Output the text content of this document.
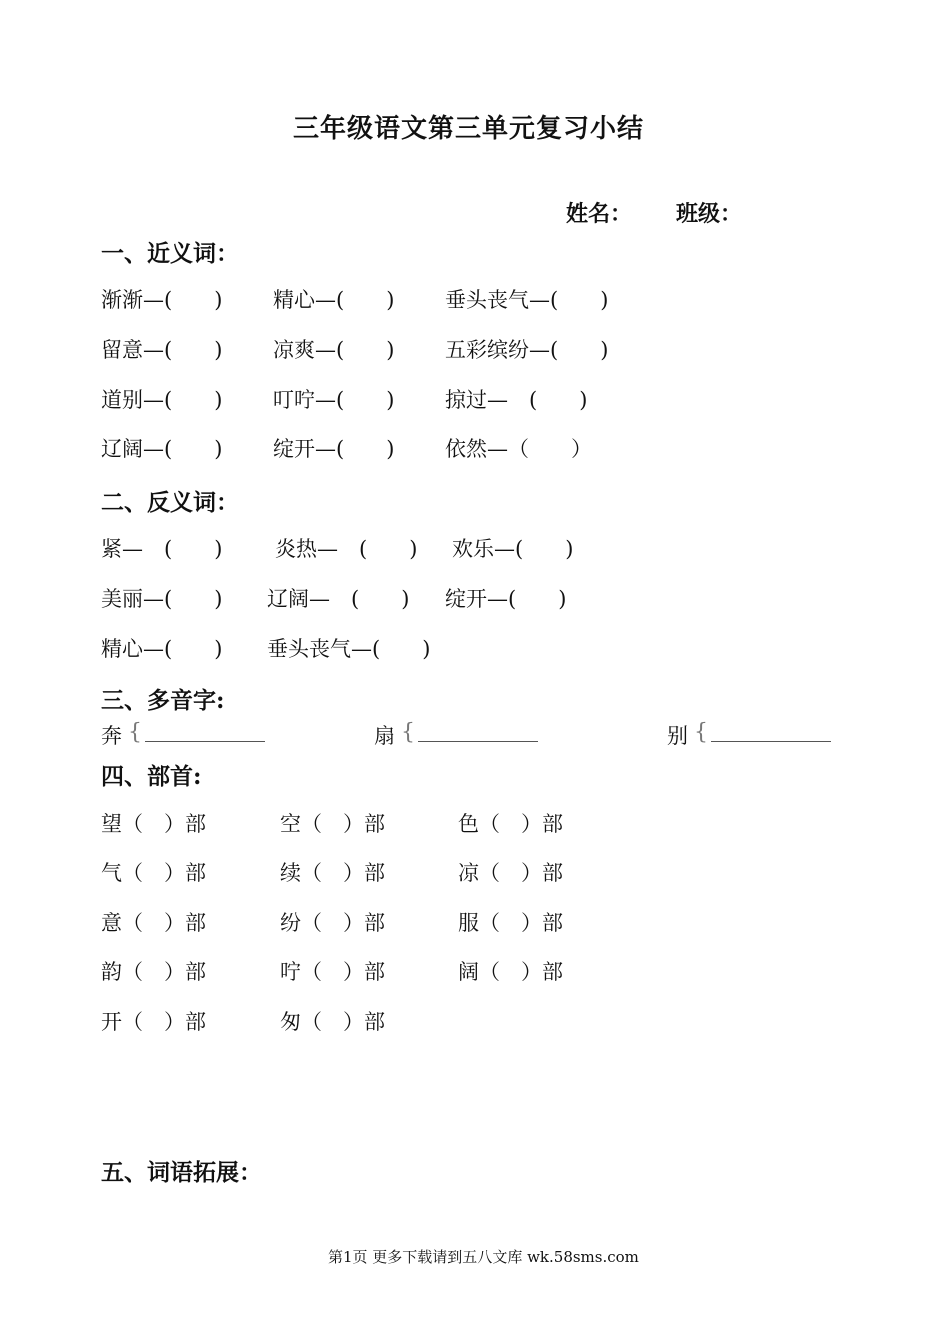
三年级语文第三单元复习小结
姓名： 班级：
一、近义词：
渐渐—(　　) 精心—(　　) 垂头丧气—(　　)
留意—(　　) 凉爽—(　　) 五彩缤纷—(　　)
道别—(　　) 叮咛—(　　) 掠过—　(　　)
辽阔—(　　) 绽开—(　　) 依然—（　　）
二、反义词：
紧—　(　　)	炎热—　(　　) 欢乐—(　　)
美丽—(　　) 辽阔—　(　　) 绽开—(　　)
精心—(　　) 垂头丧气—(　　)
三、多音字:
奔 {	扇 {	别 {
四、部首:
望（　）部	空（　）部	色（　）部
气（　）部	续（　）部	凉（　）部
意（　）部	纷（　）部	服（　）部
韵（　）部	咛（　）部	阔（　）部
开（　）部	匆（　）部
五、词语拓展：
第1页 更多下载请到五八文库 wk.58sms.com
